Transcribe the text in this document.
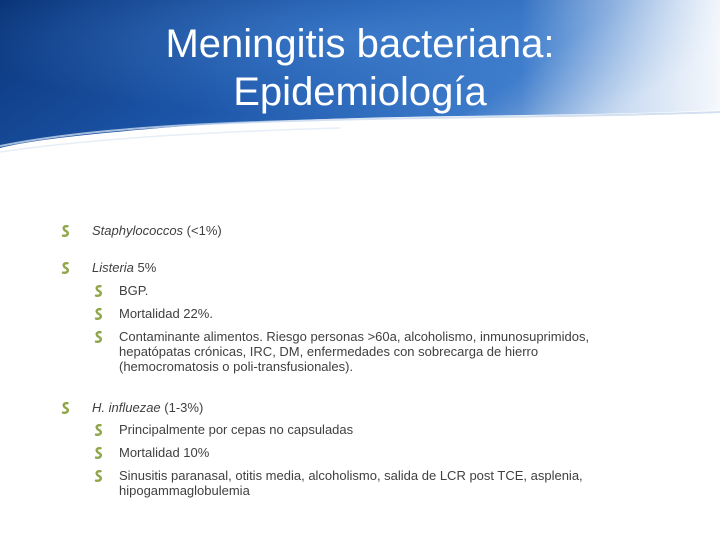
Meningitis bacteriana:
Epidemiología
Staphylococcos (<1%)
Listeria 5%
BGP.
Mortalidad 22%.
Contaminante alimentos. Riesgo personas >60a, alcoholismo, inmunosuprimidos,
hepatópatas crónicas, IRC, DM, enfermedades con sobrecarga de hierro
(hemocromatosis o poli-transfusionales).
H. influezae (1-3%)
Principalmente por cepas no capsuladas
Mortalidad 10%
Sinusitis paranasal, otitis media, alcoholismo, salida de LCR post TCE, asplenia,
hipogammaglobulemia
